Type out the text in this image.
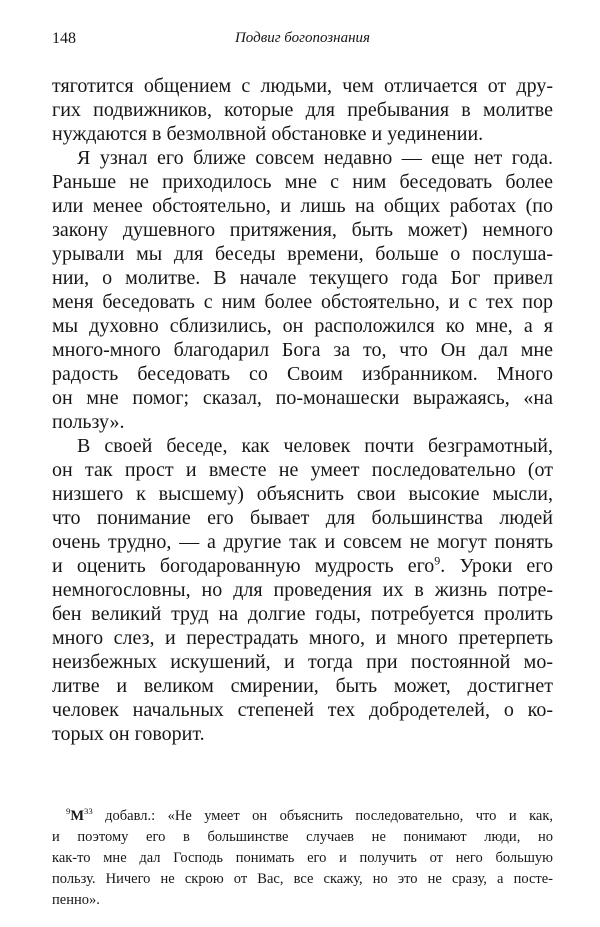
148	Подвиг богопознания
тяготится общением с людьми, чем отличается от дру-
гих подвижников, которые для пребывания в молитве
нуждаются в безмолвной обстановке и уединении.
Я узнал его ближе совсем недавно — еще нет года.
Раньше не приходилось мне с ним беседовать более
или менее обстоятельно, и лишь на общих работах (по
закону душевного притяжения, быть может) немного
урывали мы для беседы времени, больше о послуша-
нии, о молитве. В начале текущего года Бог привел
меня беседовать с ним более обстоятельно, и с тех пор
мы духовно сблизились, он расположился ко мне, а я
много-много благодарил Бога за то, что Он дал мне
радость беседовать со Своим избранником. Много
он мне помог; сказал, по-монашески выражаясь, «на
пользу».
В своей беседе, как человек почти безграмотный,
он так прост и вместе не умеет последовательно (от
низшего к высшему) объяснить свои высокие мысли,
что понимание его бывает для большинства людей
очень трудно, — а другие так и совсем не могут понять
и оценить богодарованную мудрость его$^9$. Уроки его
немногословны, но для проведения их в жизнь потре-
бен великий труд на долгие годы, потребуется пролить
много слез, и перестрадать много, и много претерпеть
неизбежных искушений, и тогда при постоянной мо-
литве и великом смирении, быть может, достигнет
человек начальных степеней тех добродетелей, о ко-
торых он говорит.
$^9М^{33}$ добавл.: «Не умеет он объяснить последовательно, что и как,
и поэтому его в большинстве случаев не понимают люди, но
как-то мне дал Господь понимать его и получить от него большую
пользу. Ничего не скрою от Вас, все скажу, но это не сразу, а посте-
пенно».
